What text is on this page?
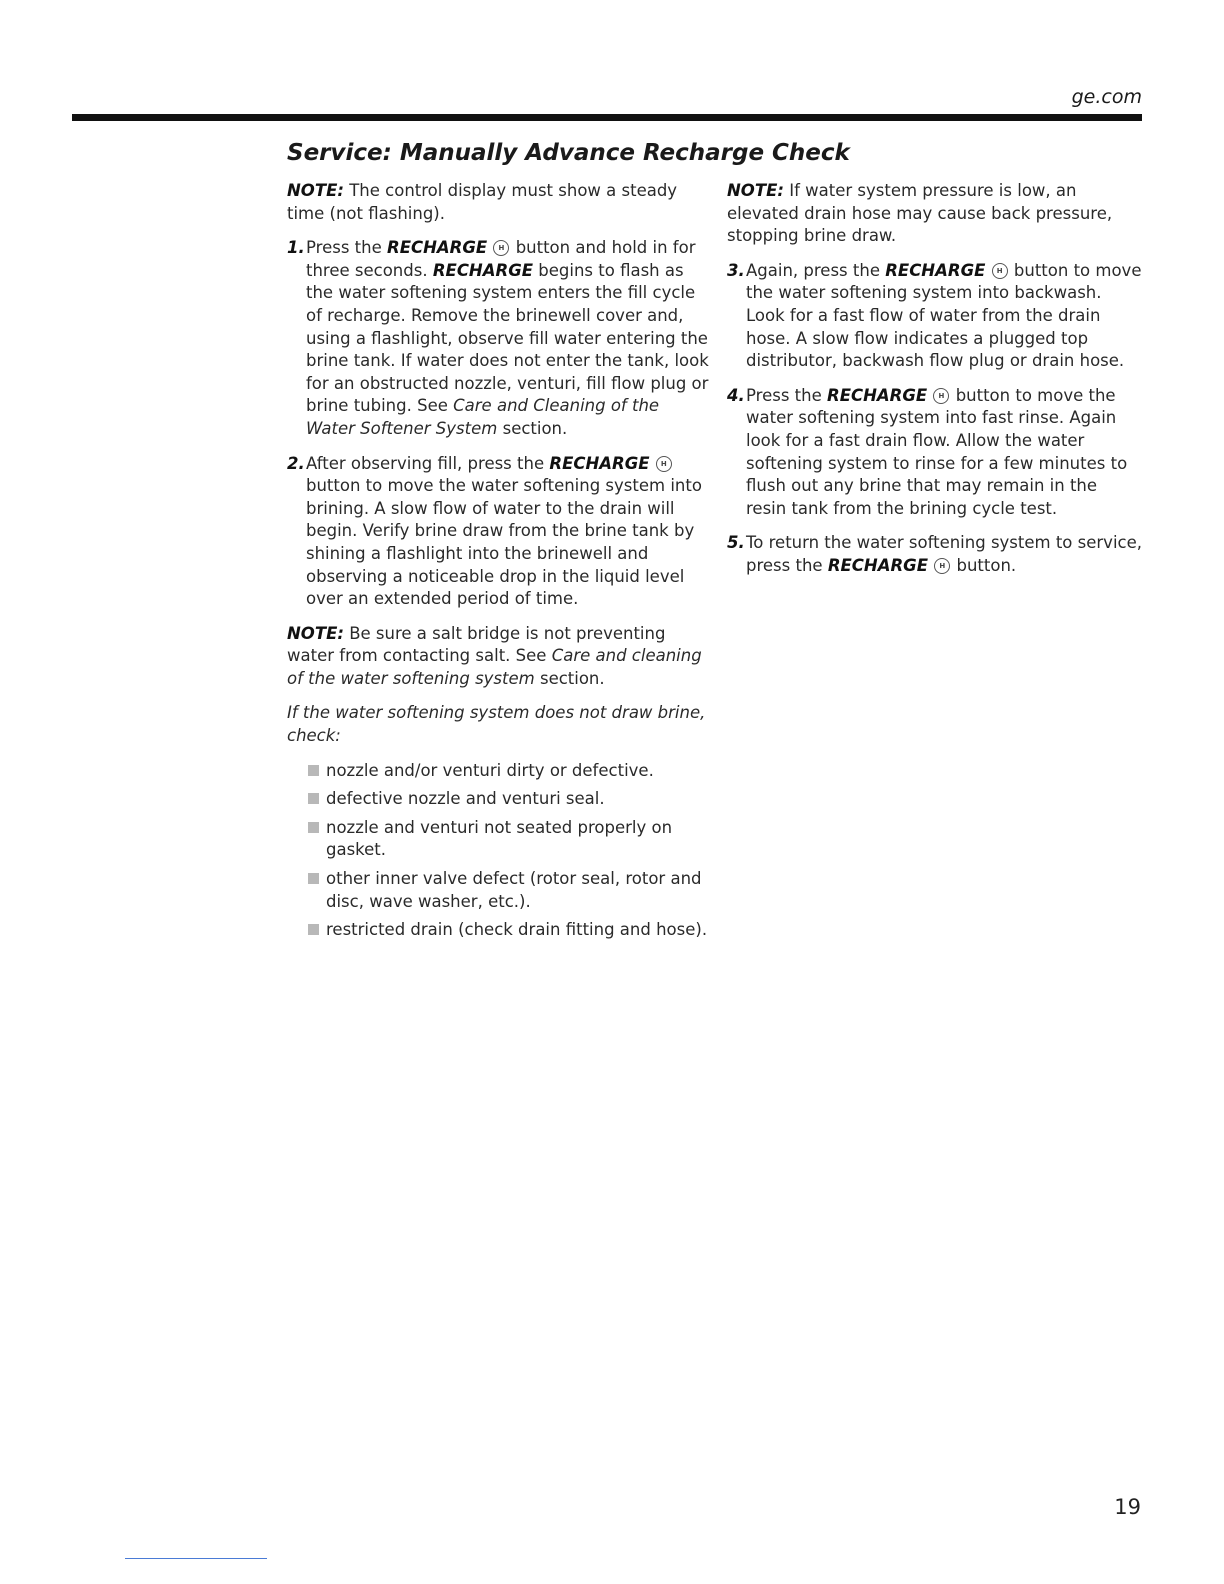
ge.com
Service: Manually Advance Recharge Check

NOTE: The control display must show a steady time (not flashing).

1. Press the RECHARGE H button and hold in for three seconds. RECHARGE begins to flash as the water softening system enters the fill cycle of recharge. Remove the brinewell cover and, using a flashlight, observe fill water entering the brine tank. If water does not enter the tank, look for an obstructed nozzle, venturi, fill flow plug or brine tubing. See Care and Cleaning of the Water Softener System section.
2. After observing fill, press the RECHARGE H button to move the water softening system into brining. A slow flow of water to the drain will begin. Verify brine draw from the brine tank by shining a flashlight into the brinewell and observing a noticeable drop in the liquid level over an extended period of time.

NOTE: Be sure a salt bridge is not preventing water from contacting salt. See Care and cleaning of the water softening system section.

If the water softening system does not draw brine, check:

nozzle and/or venturi dirty or defective.
defective nozzle and venturi seal.
nozzle and venturi not seated properly on gasket.
other inner valve defect (rotor seal, rotor and disc, wave washer, etc.).
restricted drain (check drain fitting and hose).

NOTE: If water system pressure is low, an elevated drain hose may cause back pressure, stopping brine draw.

3. Again, press the RECHARGE H button to move the water softening system into backwash. Look for a fast flow of water from the drain hose. A slow flow indicates a plugged top distributor, backwash flow plug or drain hose.
4. Press the RECHARGE H button to move the water softening system into fast rinse. Again look for a fast drain flow. Allow the water softening system to rinse for a few minutes to flush out any brine that may remain in the resin tank from the brining cycle test.
5. To return the water softening system to service, press the RECHARGE H button.
19
